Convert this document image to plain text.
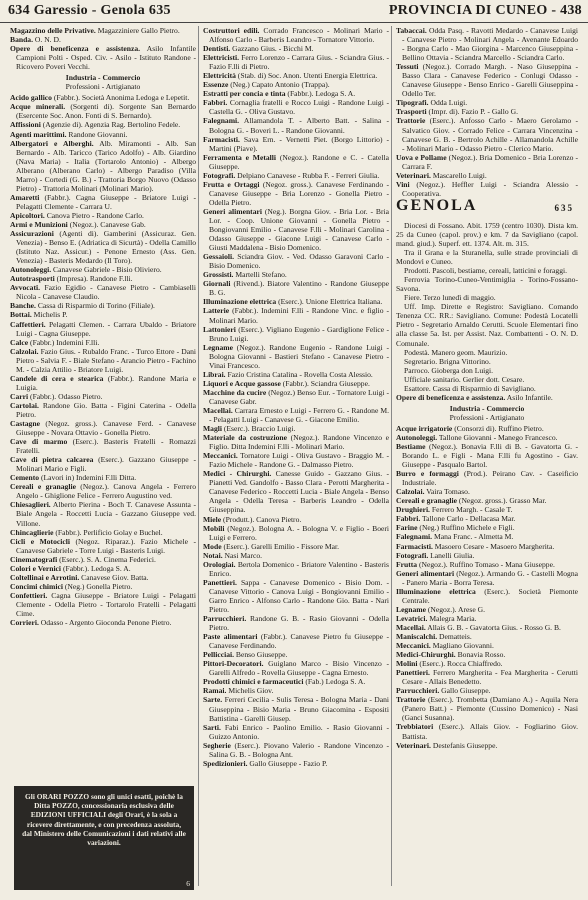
634 Garessio - Genola 635	PROVINCIA DI CUNEO - 438

Magazzino delle Privative. Magazziniere Gallo Pietro.

Banda. O. N. D.

Opere di beneficenza e assistenza. Asilo Infantile Campioni Polti - Osped. Civ. - Asilo - Istituto Randone - Ricovero Poveri Vecchi.

Industria - Commercio
Professioni - Artigianato

Acido gallico (Fabbr.). Società Anonima Ledoga e Lepetit.

Acque minerali. (Sorgenti di). Sorgente San Bernardo (Esercente Soc. Anon. Fonti di S. Bernardo).

Affissioni (Agenzie di). Agenzia Rag. Bertolino Fedele.

Agenti marittimi. Randone Giovanni.

Albergatori e Alberghi. Alb. Miramonti - Alb. San Bernardo - Alb. Taricco (Tarico Adolfo) - Alb. Giardino (Nava Maria) - Italia (Tortarolo Antonio) - Albergo Alberano (Alberano Carlo) - Albergo Paradiso (Villa Marro) - Cortedi (G. B.) - Trattoria Borgo Nuovo (Odasso Pietro) - Trattoria Molinari (Molinari Mario).

Amaretti (Fabbr.). Cagna Giuseppe - Briatore Luigi - Pelagatti Clemente - Carrara U.

Apicoltori. Canova Pietro - Randone Carlo.

Armi e Munizioni (Negoz.). Canavese Gab.

Assicurazioni (Agenti di). Gamberini (Assicuraz. Gen. Venezia) - Benso E. (Adriatica di Sicurtà) - Odella Camillo (Istituto Naz. Assicur.) - Penone Ernesto (Ass. Gen. Venezia) - Basteris Medardo (Il Toro).

Autonoleggi. Canavese Gabriele - Bisio Oliviero.

Autotrasporti (Impresa). Randone F.lli.

Avvocati. Fazio Egidio - Canavese Pietro - Cambiaselli Nicola - Canavese Claudio.

Banche. Cassa di Risparmio di Torino (Filiale).

Bottai. Michelis P.

Caffettieri. Pelagatti Clemen. - Carrara Ubaldo - Briatore Luigi - Cagna Giuseppe.

Calce (Fabbr.) Indemini F.lli.

Calzolai. Fazio Gius. - Rubaldo Franc. - Turco Ettore - Dani Pietro - Salvia F. - Biale Stefano - Arancio Pietro - Fachino M. - Calzia Attilio - Briatore Luigi.

Candele di cera e stearica (Fabbr.). Randone Maria e Luigia.

Carri (Fabbr.). Odasso Pietro.

Cartolai. Randone Gio. Batta - Figini Caterina - Odella Pietro.

Castagne (Negoz. gross.). Canavese Ferd. - Canavese Giuseppe - Novara Ottavio - Gonella Pietro.

Cave di marmo (Eserc.). Basteris Fratelli - Romazzi Fratelli.

Cave di pietra calcarea (Eserc.). Gazzano Giuseppe - Molinari Mario e Figli.

Cemento (Lavori in) Indemini F.lli Ditta.

Cereali e granaglie (Negoz.). Canova Angela - Ferrero Angelo - Ghiglione Felice - Ferrero Augustino ved.

Chiesaglieri. Alberto Pierina - Boch T. Canavese Assunta - Biale Angela - Roccetti Lucia - Gazzano Giuseppe ved. Villone.

Chincaglierie (Fabbr.). Perlificio Golay e Buchel.

Cicli e Motocicli (Negoz. Riparaz.). Fazio Michele - Canavese Gabriele - Torre Luigi - Basteris Luigi.

Cinematografi (Eserc.). S. A. Cinema Federici.

Colori e Vernici (Fabbr.). Ledoga S. A.

Coltellinai e Arrotini. Canavese Giov. Batta.

Concimi chimici (Neg.) Gonella Pietro.

Confettieri. Cagna Giuseppe - Briatore Luigi - Pelagatti Clemente - Odella Pietro - Tortarolo Fratelli - Pelagatti Cime.

Corrieri. Odasso - Argento Gioconda Penone Pietro.

Costruttori edili. Corrado Francesco - Molinari Mario - Alfonso Carlo - Barberis Leandro - Tornatore Vittorio.

Dentisti. Gazzano Gius. - Bicchi M.

Elettricisti. Ferro Lorenzo - Carrara Gius. - Sciandra Gius. - Fazio F.lli di Pietro.

Elettricità (Stab. di) Soc. Anon. Utenti Energia Elettrica.

Essenze (Neg.) Capato Antonio (Trappa).

Estratti per concia e tinta (Fabbr.). Ledoga S. A.

Fabbri. Cornaglia fratelli e Rocco Luigi - Randone Luigi - Castella G. - Oliva Gustavo.

Falegnami. Allamandola T. - Alberto Batt. - Salina - Bologna G. - Boveri L. - Randone Giovanni.

Farmacisti. Sava Ern. - Vernetti Piet. (Borgo Littorio) - Martini (Piave).

Ferramenta e Metalli (Negoz.). Randone e C. - Catella Giuseppe.

Fotografi. Delpiano Canavese - Rubba F. - Ferreri Giulia.

Frutta e Ortaggi (Negoz. gross.). Canavese Ferdinando - Canavese Giuseppe - Bria Lorenzo - Gonella Pietro - Odella Pietro.

Generi alimentari (Neg.). Borgna Giov. - Bria Lor. - Bria Lor. - Coop. Unione Giovanni - Gonella Pietro - Bongiovanni Emilio - Canavese F.lli - Molinari Carolina - Odasso Giuseppe - Giacone Luigi - Canavese Carlo - Giusti Maddalena - Bisio Domenico.

Gessaioli. Sciandra Giov. - Ved. Odasso Garavoni Carlo - Bisio Domenico.

Grossisti. Martelli Stefano.

Giornali (Rivend.). Biatore Valentino - Randone Giuseppe B. G.

Illuminazione elettrica (Eserc.). Unione Elettrica Italiana.

Latterie (Fabbr.). Indemini F.lli - Randone Vinc. e figlio - Molinari Mario.

Lattonieri (Eserc.). Vigliano Eugenio - Gardiglione Felice - Bruno Luigi.

Legname (Negoz.). Randone Eugenio - Randone Luigi - Bologna Giovanni - Bastieri Stefano - Canavese Pietro - Vinai Francesco.

Librai. Fazio Cristina Catalina - Rovella Costa Alessio.

Liquori e Acque gassose (Fabbr.). Sciandra Giuseppe.

Macchine da cucire (Negoz.) Benso Eur. - Tornatore Luigi - Canavese Gabr.

Macellai. Carrara Ernesto e Luigi - Ferrero G. - Randone M. - Pelagatti Luigi - Canavese G. - Giacone Emilio.

Magli (Eserc.). Braccio Luigi.

Materiale da costruzione (Negoz.). Randone Vincenzo e Figlio. Ditta Indemini F.lli - Molinari Mario.

Meccanici. Tornatore Luigi - Oliva Gustavo - Braggio M. - Fazio Michele - Randone G. - Dalmasso Pietro.

Medici - Chirurghi. Canesse Guido - Gazzano Gius. - Pianetti Ved. Gandolfo - Basso Clara - Perotti Margherita - Canavese Federico - Roccetti Lucia - Biale Angela - Benso Angela - Odella Teresa - Barberis Leandro - Odella Giuseppina.

Miele (Produtt.). Canova Pietro.

Mobili (Negoz.). Bologna A. - Bologna V. e Figlio - Boeri Luigi e Ferrero.

Mode (Eserc.). Garelli Emilio - Fissore Mar.

Notai. Nasi Marco.

Orologiai. Bertola Domenico - Briatore Valentino - Basteris Enrico.

Panettieri. Sappa - Canavese Domenico - Bisio Dom. - Canavese Vittorio - Canova Luigi - Bongiovanni Emilio - Garro Enrico - Alfonso Carlo - Randone Gio. Batta - Nari Pietro.

Parrucchieri. Randone G. B. - Rasio Giovanni - Odella Pietro.

Paste alimentari (Fabbr.). Canavese Pietro fu Giuseppe - Canavese Ferdinando.

Pellicciai. Benso Giuseppe.

Pittori-Decoratori. Guiglano Marco - Bisio Vincenzo - Garelli Alfredo - Rovella Giuseppe - Cagna Ernesto.

Prodotti chimici e farmaceutici (Fab.) Ledoga S. A.

Ramai. Michelis Giov.

Sarte. Ferreri Cecilia - Sulis Teresa - Bologna Maria - Dani Giuseppina - Bisio Maria - Bruno Giacomina - Espositi Battistina - Garelli Giusep.

Sarti. Fabi Enrico - Paolino Emilio. - Rasio Giovanni - Guizzo Antonio.

Segherie (Eserc.). Piovano Valerio - Randone Vincenzo - Salina G. B. - Bologna Ant.

Spedizionieri. Gallo Giuseppe - Fazio P.

Tabaccai. Odda Pasq. - Ravotti Medardo - Canavese Luigi - Canavese Pietro - Molinari Angela - Avenante Edoardo - Borgna Carlo - Mao Giorgina - Marcenco Giuseppina - Bellino Ottavia - Sciandra Marcello - Sciandra Carlo.

Tessuti (Negoz.). Corrado Margh. - Naso Giuseppina - Basso Clara - Canavese Federico - Conlugi Odasso - Canavese Giuseppe - Benso Enrico - Garelli Giuseppina - Odello Ter.

Tipografi. Odda Luigi.

Trasporti (Impr. di). Fazio P. - Gallo G.

Trattorie (Eserc.). Anfosso Carlo - Maero Gerolamo - Salvatico Giov. - Corrado Felice - Carrara Vincenzina - Canavese G. B. - Bertrolo Achille - Allamandola Achille - Molinari Mario - Odasso Pietro - Clerico Mario.

Uova e Pollame (Negoz.). Bria Domenico - Bria Lorenzo - Carrara F.

Veterinari. Mascarello Luigi.

Vini (Negoz.). Heffler Luigi - Sciandra Alessio - Cooperativa.

GENOLA	635

Diocesi di Fossano. Abit. 1759 (centro 1030). Dista km. 25 da Cuneo (capol. prov.) e km. 7 da Savigliano (capol. mand. giud.). Superf. ett. 1374. Alt. m. 315.

Tra il Grana e la Sturanella, sulle strade provinciali di Mondovì e Cuneo.

Prodotti. Pascoli, bestiame, cereali, latticini e foraggi.

Ferrovia Torino-Cuneo-Ventimiglia - Torino-Fossano-Savona.

Fiere. Terzo lunedì di maggio.

Uff. Imp. Dirette e Registro: Savigliano. Comando Tenenza CC. RR.: Savigliano. Comune: Podestà Locatelli Pietro - Segretario Arnaldo Cerutti. Scuole Elementari fino alla classe 5a. Ist. per Assist. Naz. Combattenti - O. N. D. Comunale.

Podestà. Manero geom. Maurizio.

Segretario. Brigna Vittorino.

Parroco. Gioberga don Luigi.

Ufficiale sanitario. Gerlier dott. Cesare.

Esattore. Cassa di Risparmio di Savigliano.

Opere di beneficenza e assistenza. Asilo Infantile.

Industria - Commercio
Professioni - Artigianato

Acque irrigatorie (Consorzi di). Ruffino Pietro.

Autonoleggi. Tallone Giovanni - Manego Francesco.

Bestiame (Negoz.). Bonavia F.lli di B. - Gavatorta G. - Borando L. e Figli - Mana F.lli fu Agostino - Gav. Giuseppe - Pasqualo Bartol.

Burro e formaggi (Prod.). Peirano Cav. - Caseificio Industriale.

Calzolai. Vaira Tomaso.

Cereali e granaglie (Negoz. gross.). Grasso Mar.

Drughieri. Ferrero Margh. - Casale T.

Fabbri. Tallone Carlo - Dellacasa Mar.

Farine (Neg.) Ruffino Michele e Figli.

Falegnami. Mana Franc. - Almetta M.

Farmacisti. Masoero Cesare - Masoero Margherita.

Fotografi. Lanelli Giulia.

Frutta (Negoz.). Ruffino Tomaso - Mana Giuseppe.

Generi alimentari (Negoz.). Armando G. - Castelli Mogna - Panero Maria - Borra Teresa.

Illuminazione elettrica (Eserc.). Società Piemonte Centrale.

Legname (Negoz.). Arese G.

Levatrici. Malegra Maria.

Macellai. Allais G. B. - Gavatorta Gius. - Rosso G. B.

Maniscalchi. Dematteis.

Meccanici. Magliano Giovanni.

Medici-Chirurghi. Bonavia Rosso.

Molini (Eserc.). Rocca Chiaffredo.

Panettieri. Ferrero Margherita - Fea Margherita - Cerutti Cesare - Allais Benedetto.

Parrucchieri. Gallo Giuseppe.

Trattorie (Eserc.). Trombetta (Damiano A.) - Aquila Nera (Panero Batt.) - Piemonte (Cussino Domenico) - Nasi (Ganci Susanna).

Trebbiatori (Eserc.). Allais Giov. - Fogliarino Giov. Battista.

Veterinari. Destefanis Giuseppe.

Gli ORARI POZZO sono gli unici esatti, poichè la Ditta POZZO, concessionaria esclusiva delle EDIZIONI UFFICIALI degli Orari, è la sola a ricevere direttamente, e con precedenza assoluta, dal Ministero delle Comunicazioni i dati relativi alle variazioni.
6
